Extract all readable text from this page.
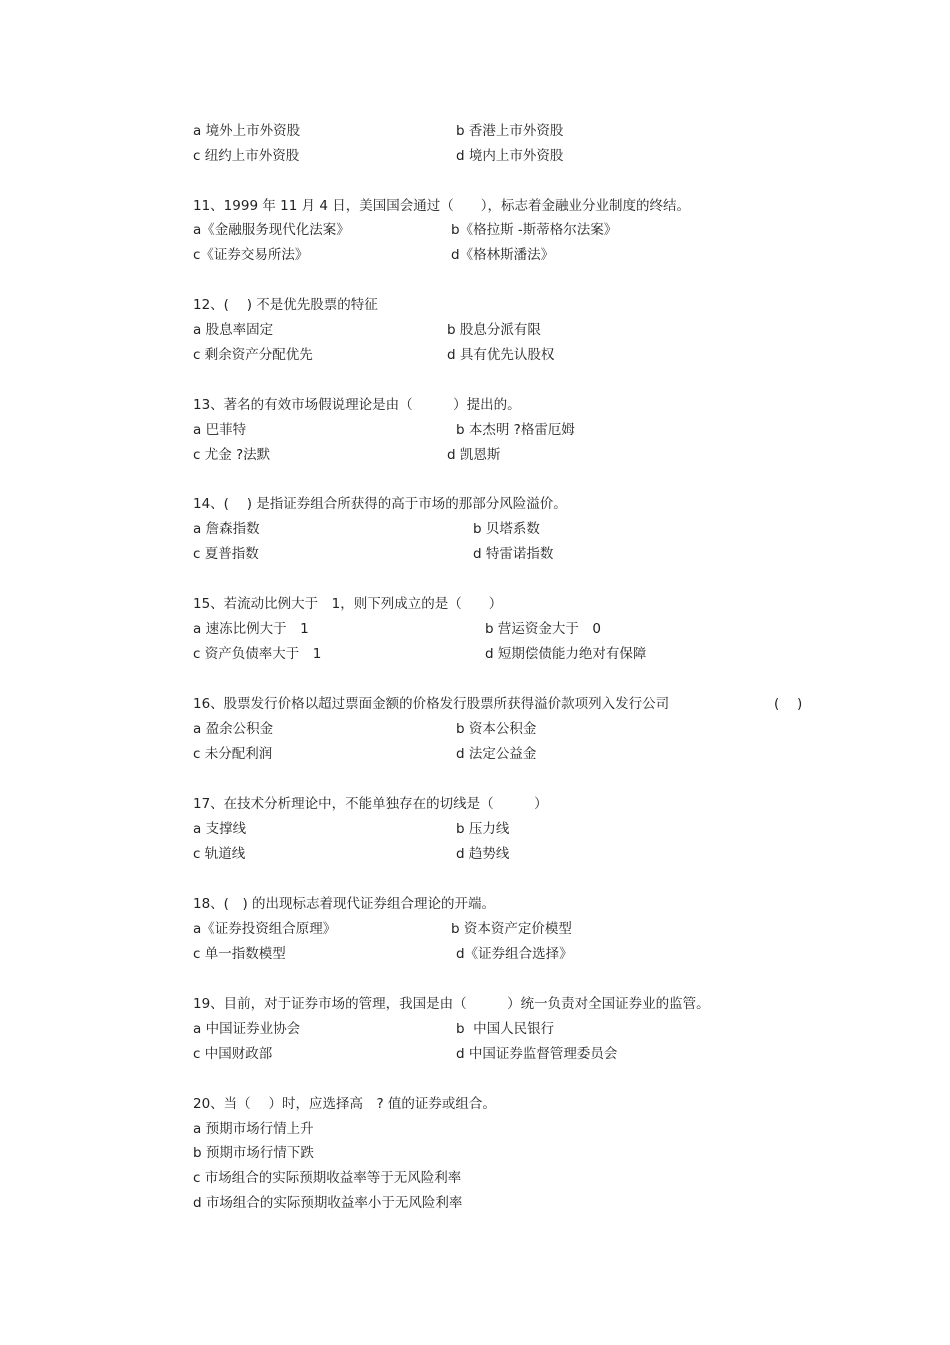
a 境外上市外资股	b 香港上市外资股
c 纽约上市外资股	d 境内上市外资股
11、1999 年 11 月 4 日，美国国会通过（　　），标志着金融业分业制度的终结。
a《金融服务现代化法案》	b《格拉斯 -斯蒂格尔法案》
c《证券交易所法》	d《格林斯潘法》
12、(　 ) 不是优先股票的特征
a 股息率固定	b 股息分派有限
c 剩余资产分配优先	d 具有优先认股权
13、著名的有效市场假说理论是由（　　　）提出的。
a 巴菲特	b 本杰明 ?格雷厄姆
c 尤金 ?法默	d 凯恩斯
14、(　 ) 是指证券组合所获得的高于市场的那部分风险溢价。
a 詹森指数	b 贝塔系数
c 夏普指数	d 特雷诺指数
15、若流动比例大于　1，则下列成立的是（　　）
a 速冻比例大于　1	b 营运资金大于　0
c 资产负债率大于　1	d 短期偿债能力绝对有保障
16、股票发行价格以超过票面金额的价格发行股票所获得溢价款项列入发行公司	(　 )
a 盈余公积金	b 资本公积金
c 未分配利润	d 法定公益金
17、在技术分析理论中，不能单独存在的切线是（　　　）
a 支撑线	b 压力线
c 轨道线	d 趋势线
18、(　) 的出现标志着现代证券组合理论的开端。
a《证券投资组合原理》	b 资本资产定价模型
c 单一指数模型	d《证券组合选择》
19、目前，对于证券市场的管理，我国是由（　　　）统一负责对全国证券业的监管。
a 中国证券业协会	b  中国人民银行
c 中国财政部	d 中国证券监督管理委员会
20、当（　 ）时，应选择高　? 值的证券或组合。
a 预期市场行情上升
b 预期市场行情下跌
c 市场组合的实际预期收益率等于无风险利率
d 市场组合的实际预期收益率小于无风险利率
